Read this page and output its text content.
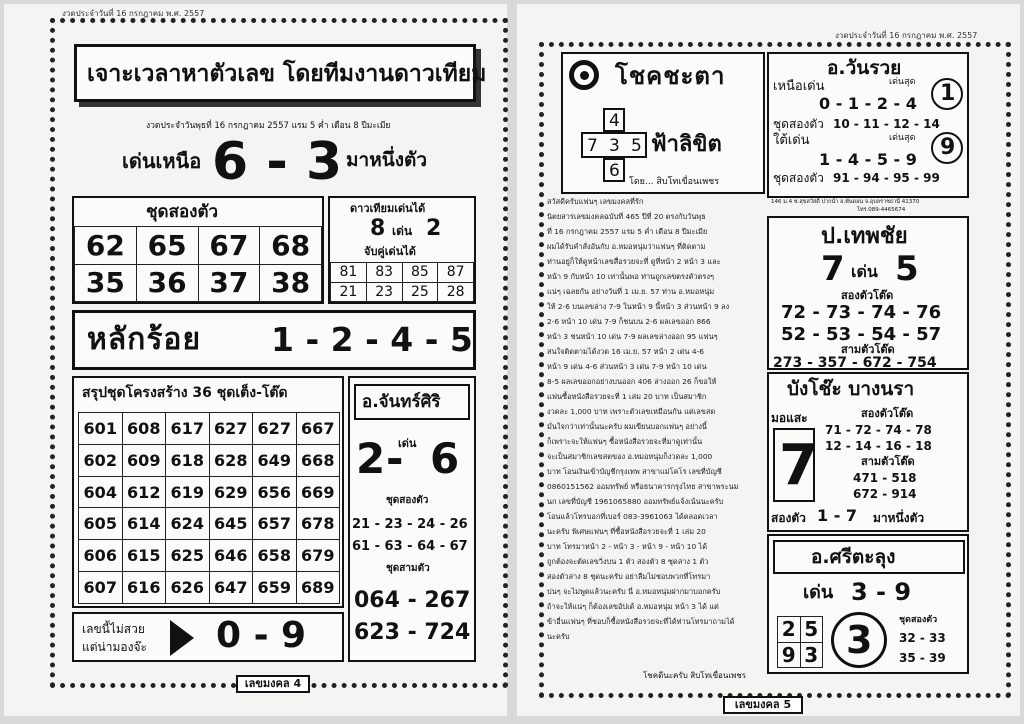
งวดประจำวันที่ 16 กรกฎาคม พ.ศ. 2557
เจาะเวลาหาตัวเลข โดยทีมงานดาวเทียม
งวดประจำวันพุธที่ 16 กรกฎาคม 2557 แรม 5 ค่ำ เดือน 8 ปีมะเมีย
เด่นเหนือ 6 - 3 มาหนึ่งตัว
ชุดสองตัว
62	65	67	68
35	36	37	38
ดาวเทียมเด่นได้
8 เด่น 2
จับคู่เด่นได้
81	83	85	87
21	23	25	28
หลักร้อย 1 - 2 - 4 - 5
สรุปชุดโครงสร้าง 36 ชุดเต็ง-โต๊ด
601	608	617	627	627	667
602	609	618	628	649	668
604	612	619	629	656	669
605	614	624	645	657	678
606	615	625	646	658	679
607	616	626	647	659	689
เลขนี้ไม่สวย
แต่น่ามองจ๊ะ 0 - 9
อ.จันทร์ศิริ
2 -
เด่น 6
ชุดสองตัว
21 - 23 - 24 - 26
61 - 63 - 64 - 67
ชุดสามตัว
064 - 267
623 - 724
เลขมงคล 4
งวดประจำวันที่ 16 กรกฎาคม พ.ศ. 2557
โชคชะตา
4
7 3 5
6
ฟ้าลิขิต
โดย... สิบโทเขื่อนเพชร
อ.วันรวย
เหนือเด่น	เด่นสุด 1
0 - 1 - 2 - 4
ชุดสองตัว 10 - 11 - 12 - 14
ใต้เด่น	เด่นสุด 9
1 - 4 - 5 - 9
ชุดสองตัว 91 - 94 - 95 - 99
146 ม.4 ซ.สุขสวัสดิ์ ปากน้ำ อ.พันดอน จ.อุบลราชธานี 41370
โทร.089-4465674
สวัสดีครับแฟนๆ เลขมงคลที่รัก
นิตยสารเลขมงคลฉบับที่ 465 ปีที่ 20 ตรงกับวันพุธ
ที่ 16 กรกฎาคม 2557 แรม 5 ค่ำ เดือน 8 ปีมะเมีย
ผมได้รับคำสั่งอันกับ อ.หมอหนุ่มว่าแฟนๆ ที่ติดตาม
ท่านอยู่ก็ให้ดูหน้าเลขสื่อรวยจะที่ ดูที่หน้า 2 หน้า 3 และ
หน้า 9 กับหน้า 10 เท่านั้นพอ ท่านถูกเลขตรงตัวตรงๆ
แน่ๆ เฉลยกัน อย่างวันที่ 1 เม.ย. 57 ท่าน อ.หมอหนุ่ม
ให้ 2-6 บนเลขล่าง 7-9 ในหน้า 9 นี้หน้า 3 ส่วนหน้า 9 ลง
2-6 หน้า 10 เด่น 7-9 ก็ชนบน 2-6 ผลเลขออก 866
หน้า 3 ชนหน้า 10 เด่น 7-9 ผลเลขล่างออก 95 แฟนๆ
สนใจติดตามได้งวด 16 เม.ย. 57 หน้า 2 เด่น 4-6
หน้า 9 เด่น 4-6 ส่วนหน้า 3 เด่น 7-9 หน้า 10 เด่น
8-5 ผลเลขออกอย่างบนออก 406 ล่างออก 26 ก็ขอให้
แฟนซื้อหนังสือรวยจะที่ 1 เล่ม 20 บาท เป็นสมาชิก
งวดละ 1,000 บาท เพราะตัวเลขเหมือนกัน แต่เลขสด
มั่นใจกว่าเท่านั้นนะครับ ผมเขียนบอกแฟนๆ อย่างนี้
ก็เพราะจะให้แฟนๆ ซื้อหนังสือรวยจะที่มาดูเท่านั้น
จะเป็นสมาชิกเลขสดของ อ.หมอหนุ่มก็งวดละ 1,000
บาท โอนเงินเข้าบัญชีกรุงเทพ สาขาแม่โคโร เลขที่บัญชี
0860151562 ออมทรัพย์ หรือธนาคารกรุงไทย สาขาพระนม
นก เลขที่บัญชี 1961065880 ออมทรัพย์แจ้งเน้นนะครับ
โอนแล้วโทรบอกที่เบอร์ 083-3961063 ได้ตลอดเวลา
นะครับ พิเศษแฟนๆ ที่ซื้อหนังสือรวยจะที่ 1 เล่ม 20
บาท โทรมาหน้า 2 - หน้า 3 - หน้า 9 - หน้า 10 ได้
ถูกต้องจะตัดเลขวิ่งบน 1 ตัว สองตัว 8 ชุดล่าง 1 ตัว
สองตัวล่าง 8 ชุดนะครับ อย่าลืมไม่ชอบพวกที่โทรมา
บ่นๆ จะไม่พูดแล้วนะครับ นี่ อ.หมอหนุ่มฝากมาบอกครับ
ถ้าจะให้แน่ๆ ก็ต้องเลขอัปเด้ อ.หมอหนุ่ม หน้า 3 ได้ แต่
ข้าอื่นแฟนๆ ที่ชอบก็ซื้อหนังสือรวยจะที่ได้ท่านโทรมาถามได้
นะครับ
โชคดีนะครับ สิบโทเขื่อนเพชร
ป.เทพชัย
7 เด่น 5
สองตัวโต๊ด
72 - 73 - 74 - 76
52 - 53 - 54 - 57
สามตัวโต๊ด
273 - 357 - 672 - 754
บังโช๊ะ บางนรา
มอแสะ
7
สองตัวโต๊ด
71 - 72 - 74 - 78
12 - 14 - 16 - 18
สามตัวโต๊ด
471 - 518
672 - 914
สองตัว 1 - 7 มาหนึ่งตัว
อ.ศรีตะลุง
เด่น 3 - 9
2	5
9	3 3	ชุดสองตัว
32 - 33
35 - 39
เลขมงคล 5
